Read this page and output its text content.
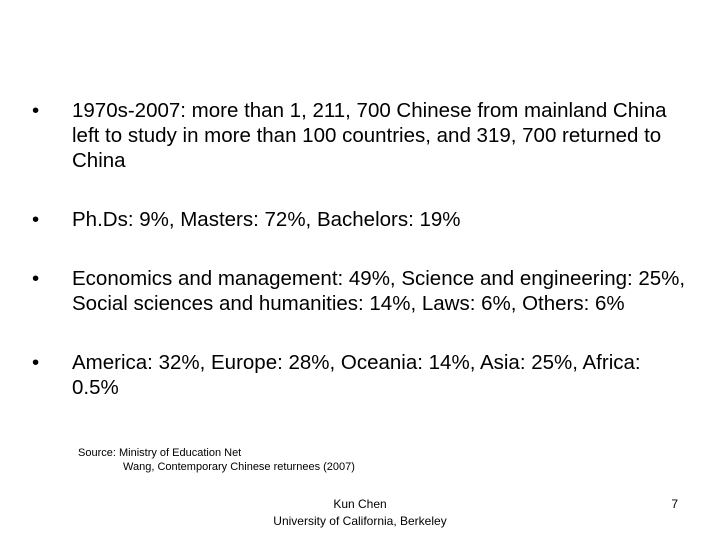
•	1970s-2007: more than 1, 211, 700 Chinese from mainland China left to study in more than 100 countries, and 319, 700 returned to China
•	Ph.Ds: 9%, Masters: 72%, Bachelors: 19%
•	Economics and management: 49%, Science and engineering: 25%, Social sciences and humanities: 14%, Laws: 6%, Others: 6%
•	America: 32%, Europe: 28%, Oceania: 14%, Asia: 25%, Africa: 0.5%
Source: Ministry of Education Net
Wang, Contemporary Chinese returnees (2007)
Kun Chen
University of California, Berkeley
7
